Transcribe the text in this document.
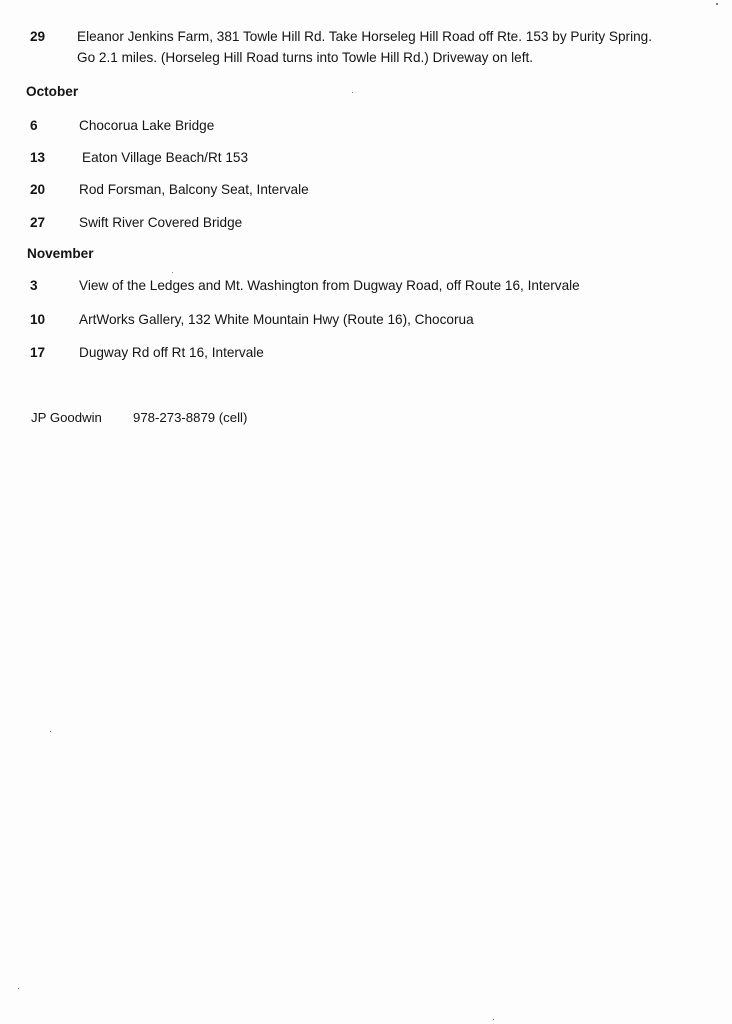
29 Eleanor Jenkins Farm, 381 Towle Hill Rd. Take Horseleg Hill Road off Rte. 153 by Purity Spring.
Go 2.1 miles. (Horseleg Hill Road turns into Towle Hill Rd.) Driveway on left.
October
6	Chocorua Lake Bridge
13	Eaton Village Beach/Rt 153
20 Rod Forsman, Balcony Seat, Intervale
27 Swift River Covered Bridge
November
3	View of the Ledges and Mt. Washington from Dugway Road, off Route 16, Intervale
10 ArtWorks Gallery, 132 White Mountain Hwy (Route 16), Chocorua
17 Dugway Rd off Rt 16, Intervale
JP Goodwin 978-273-8879 (cell)
